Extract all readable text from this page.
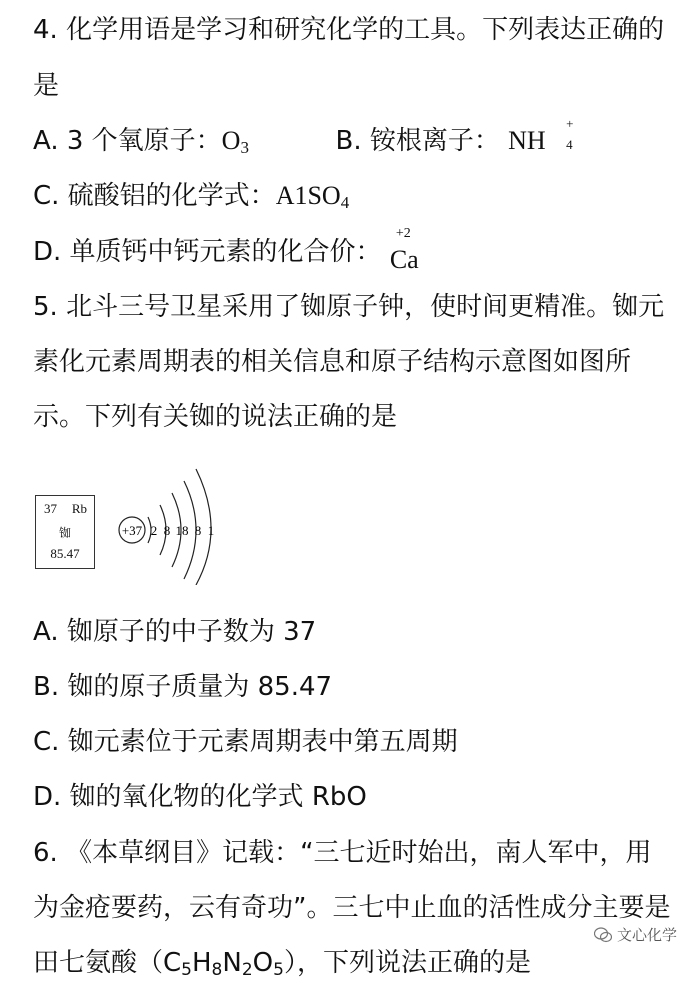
4. 化学用语是学习和研究化学的工具。下列表达正确的
是
A. 3 个氧原子：$O_3$	B. 铵根离子： NH
+
4
C. 硫酸铝的化学式：$A1SO_4$
D. 单质钙中钙元素的化合价：
+2
Ca
5. 北斗三号卫星采用了铷原子钟，使时间更精准。铷元
素化元素周期表的相关信息和原子结构示意图如图所
示。下列有关铷的说法正确的是
37 Rb
铷
85.47
+37 2 8 18 8 1
A. 铷原子的中子数为 37
B. 铷的原子质量为 85.47
C. 铷元素位于元素周期表中第五周期
D. 铷的氧化物的化学式 RbO
6. 《本草纲目》记载：“三七近时始出，南人军中，用
为金疮要药，云有奇功”。三七中止血的活性成分主要是
田七氨酸$(C_5H_8N_2O_5)$，下列说法正确的是
文心化学
